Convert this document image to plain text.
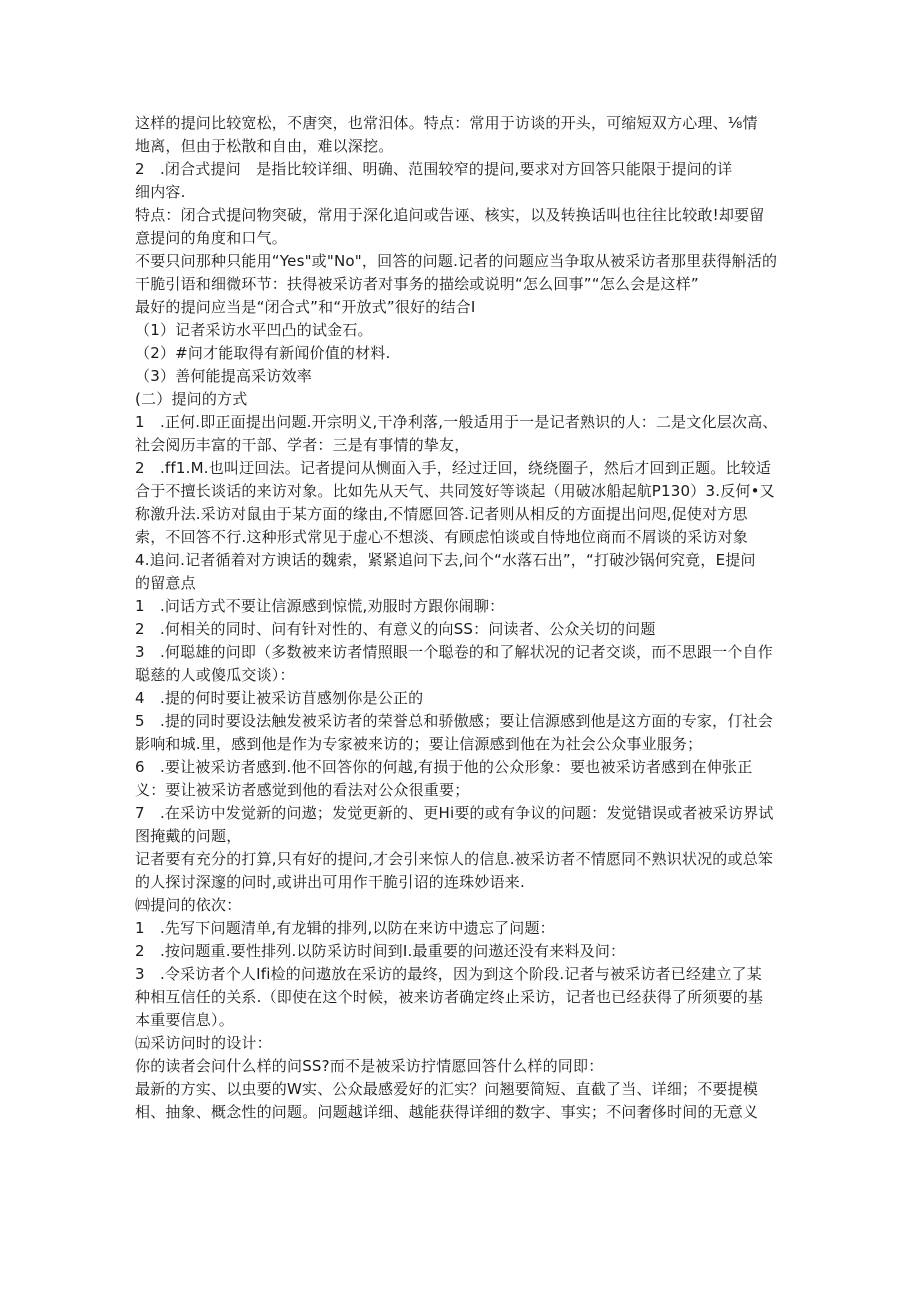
这样的提问比较宽松，不唐突，也常汨体。特点：常用于访谈的开头，可缩短双方心理、⅛情
地离，但由于松散和自由，难以深挖。
2　.闭合式提问　是指比较详细、明确、范围较窄的提问,要求对方回答只能限于提问的详
细内容.
特点：闭合式提问物突破，常用于深化追问或告诬、核实，以及转换话叫也往往比较敢!却要留
意提问的角度和口气。
不要只问那种只能用“Yes"或"No"，回答的问题.记者的问题应当争取从被采访者那里获得斛活的
干脆引语和细微环节：扶得被采访者对事务的描绘或说明“怎么回事”“怎么会是这样”
最好的提问应当是“闭合式”和“开放式”很好的结合I
（1）记者采访水平凹凸的试金石。
（2）#问才能取得有新闻价值的材料.
（3）善何能提高采访效率
(二）提问的方式
1　.正何.即正面提出问题.开宗明义,干净利落,一般适用于一是记者熟识的人：二是文化层次高、
社会阅历丰富的干部、学者：三是有事情的挚友，
2　.ff1.M.也叫迂回法。记者提问从恻面入手，经过迂回，绕绕圈子，然后才回到正题。比较适
合于不擅长谈话的来访对象。比如先从天气、共同笈好等谈起（用破冰船起航P130）3.反何•又
称激升法.采访对鼠由于某方面的缘由,不情愿回答.记者则从相反的方面提出问咫,促使对方思
索，不回答不行.这种形式常见于虚心不想淡、有顾虑怕谈或自恃地位商而不屑谈的采访对象
4.追问.记者循着对方谀话的魏索，紧紧追问下去,问个“水落石出”，“打破沙锅何究竟，E提问
的留意点
1　.问话方式不要让信源感到惊慌,劝服时方跟你闹聊：
2　.何相关的同时、问有针对性的、有意义的向SS：问读者、公众关切的问题
3　.何聪雄的问即（多数被来访者情照眼一个聪卷的和了解状况的记者交谈，而不思跟一个自作
聪慈的人或傻瓜交谈）：
4　.提的何时要让被采访苜感刎你是公正的
5　.提的同时要设法触发被采访者的荣誉总和骄傲感；要让信源感到他是这方面的专家，仃社会
影响和城.里，感到他是作为专家被来访的；要让信源感到他在为社会公众事业服务；
6　.要让被采访者感到.他不回答你的何越,有损于他的公众形象：要也被采访者感到在伸张正
义：要让被采访者感觉到他的看法对公众很重要；
7　.在采访中发觉新的问遨；发觉更新的、更Hi要的或有争议的问题：发觉错误或者被采访界试
图掩戴的问题，
记者要有充分的打算,只有好的提问,才会引来惊人的信息.被采访者不情愿同不熟识状况的或总笨
的人探讨深邃的问时,或讲出可用作干脆引诏的连珠妙语来.
㈣提问的依次：
1　.先写下问题清单,有龙辑的排列,以防在来访中遗忘了问题：
2　.按问题重.要性排列.以防采访时间到I.最重要的问遨还没有来料及问：
3　.令采访者个人Ifi检的问遨放在采访的最终，因为到这个阶段.记者与被采访者已经建立了某
种相互信任的关系.（即使在这个时候，被来访者确定终止采访，记者也已经获得了所须要的基
本重要信息）。
㈤采访问时的设计：
你的读者会问什么样的问SS?而不是被采访拧情愿回答什么样的同即：
最新的方实、以虫要的W实、公众最感爱好的汇实？问翘要简短、直截了当、详细；不要提模
相、抽象、概念性的问题。问题越详细、越能获得详细的数字、事实；不问奢侈时间的无意义
